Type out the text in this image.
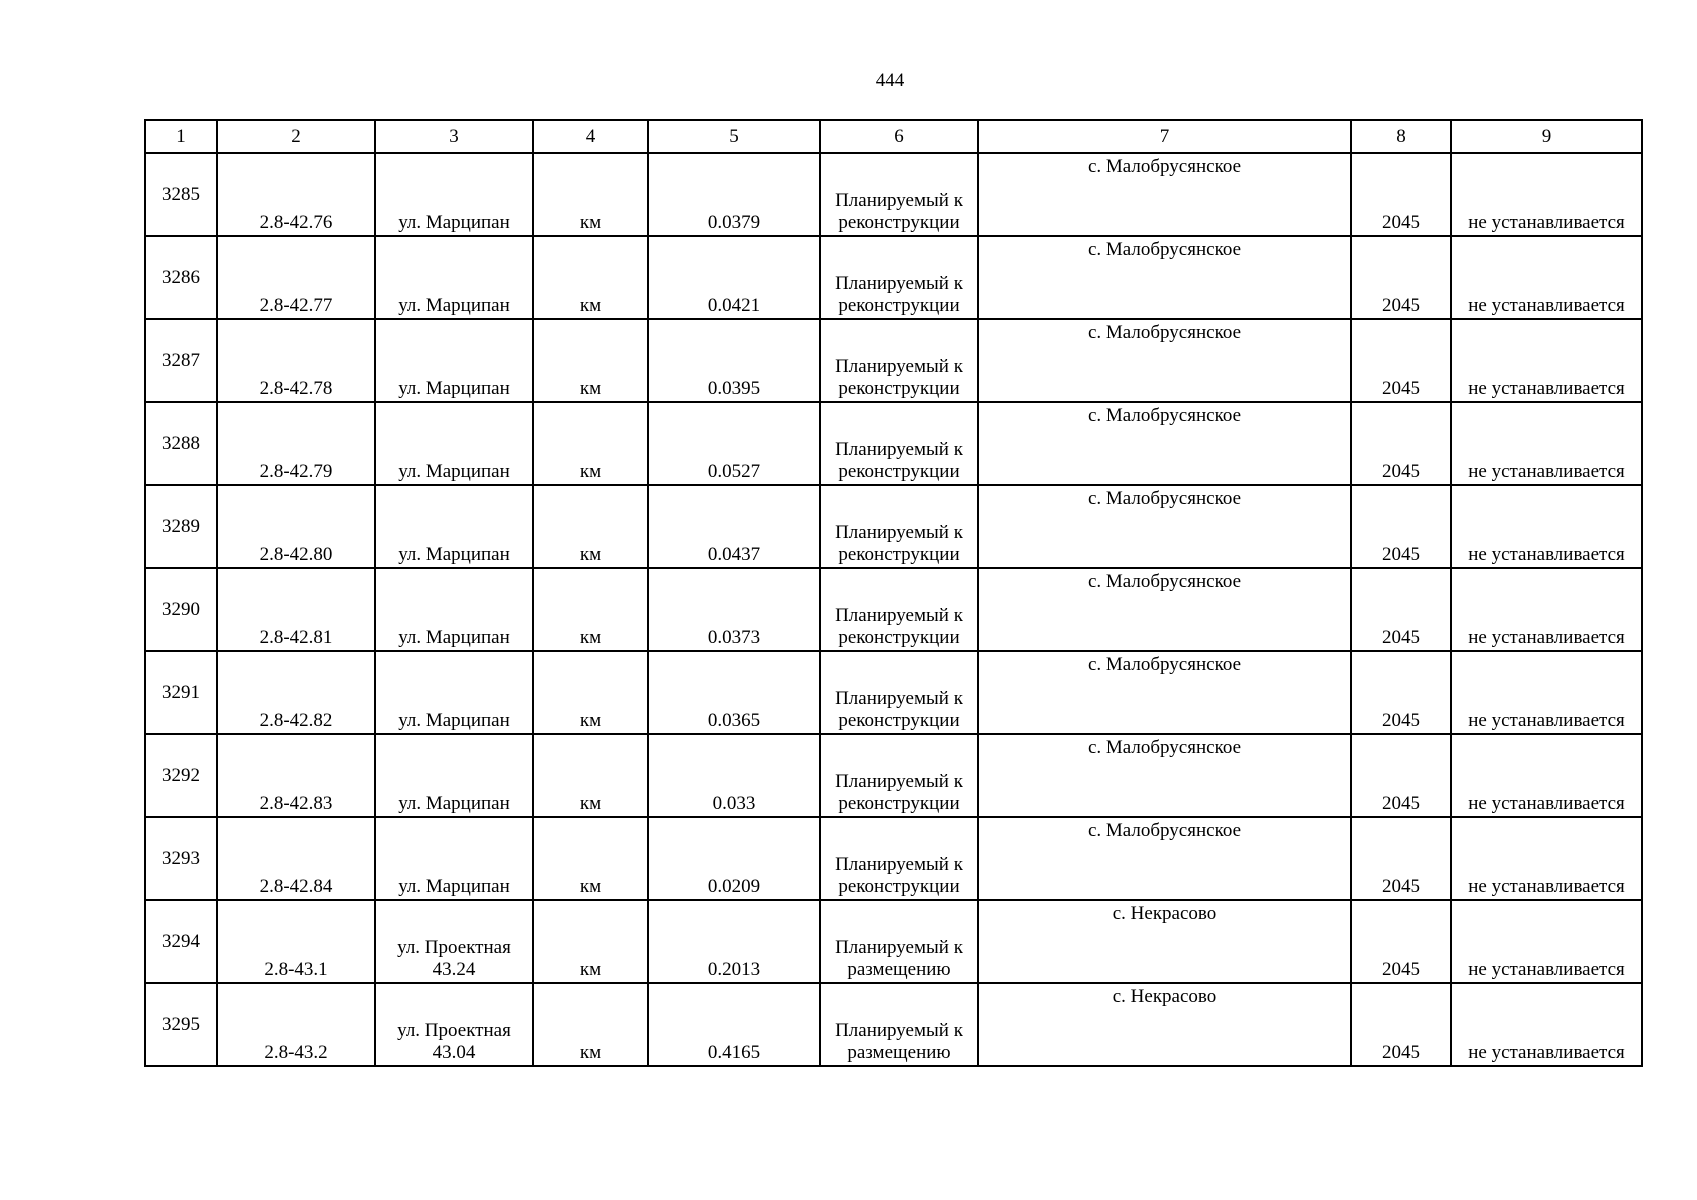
444
1	2	3	4	5	6	7	8	9
3285	2.8-42.76	ул. Марципан	км	0.0379	Планируемый к реконструкции	с. Малобрусянское	2045	не устанавливается
3286	2.8-42.77	ул. Марципан	км	0.0421	Планируемый к реконструкции	с. Малобрусянское	2045	не устанавливается
3287	2.8-42.78	ул. Марципан	км	0.0395	Планируемый к реконструкции	с. Малобрусянское	2045	не устанавливается
3288	2.8-42.79	ул. Марципан	км	0.0527	Планируемый к реконструкции	с. Малобрусянское	2045	не устанавливается
3289	2.8-42.80	ул. Марципан	км	0.0437	Планируемый к реконструкции	с. Малобрусянское	2045	не устанавливается
3290	2.8-42.81	ул. Марципан	км	0.0373	Планируемый к реконструкции	с. Малобрусянское	2045	не устанавливается
3291	2.8-42.82	ул. Марципан	км	0.0365	Планируемый к реконструкции	с. Малобрусянское	2045	не устанавливается
3292	2.8-42.83	ул. Марципан	км	0.033	Планируемый к реконструкции	с. Малобрусянское	2045	не устанавливается
3293	2.8-42.84	ул. Марципан	км	0.0209	Планируемый к реконструкции	с. Малобрусянское	2045	не устанавливается
3294	2.8-43.1	ул. Проектная 43.24	км	0.2013	Планируемый к размещению	с. Некрасово	2045	не устанавливается
3295	2.8-43.2	ул. Проектная 43.04	км	0.4165	Планируемый к размещению	с. Некрасово	2045	не устанавливается
